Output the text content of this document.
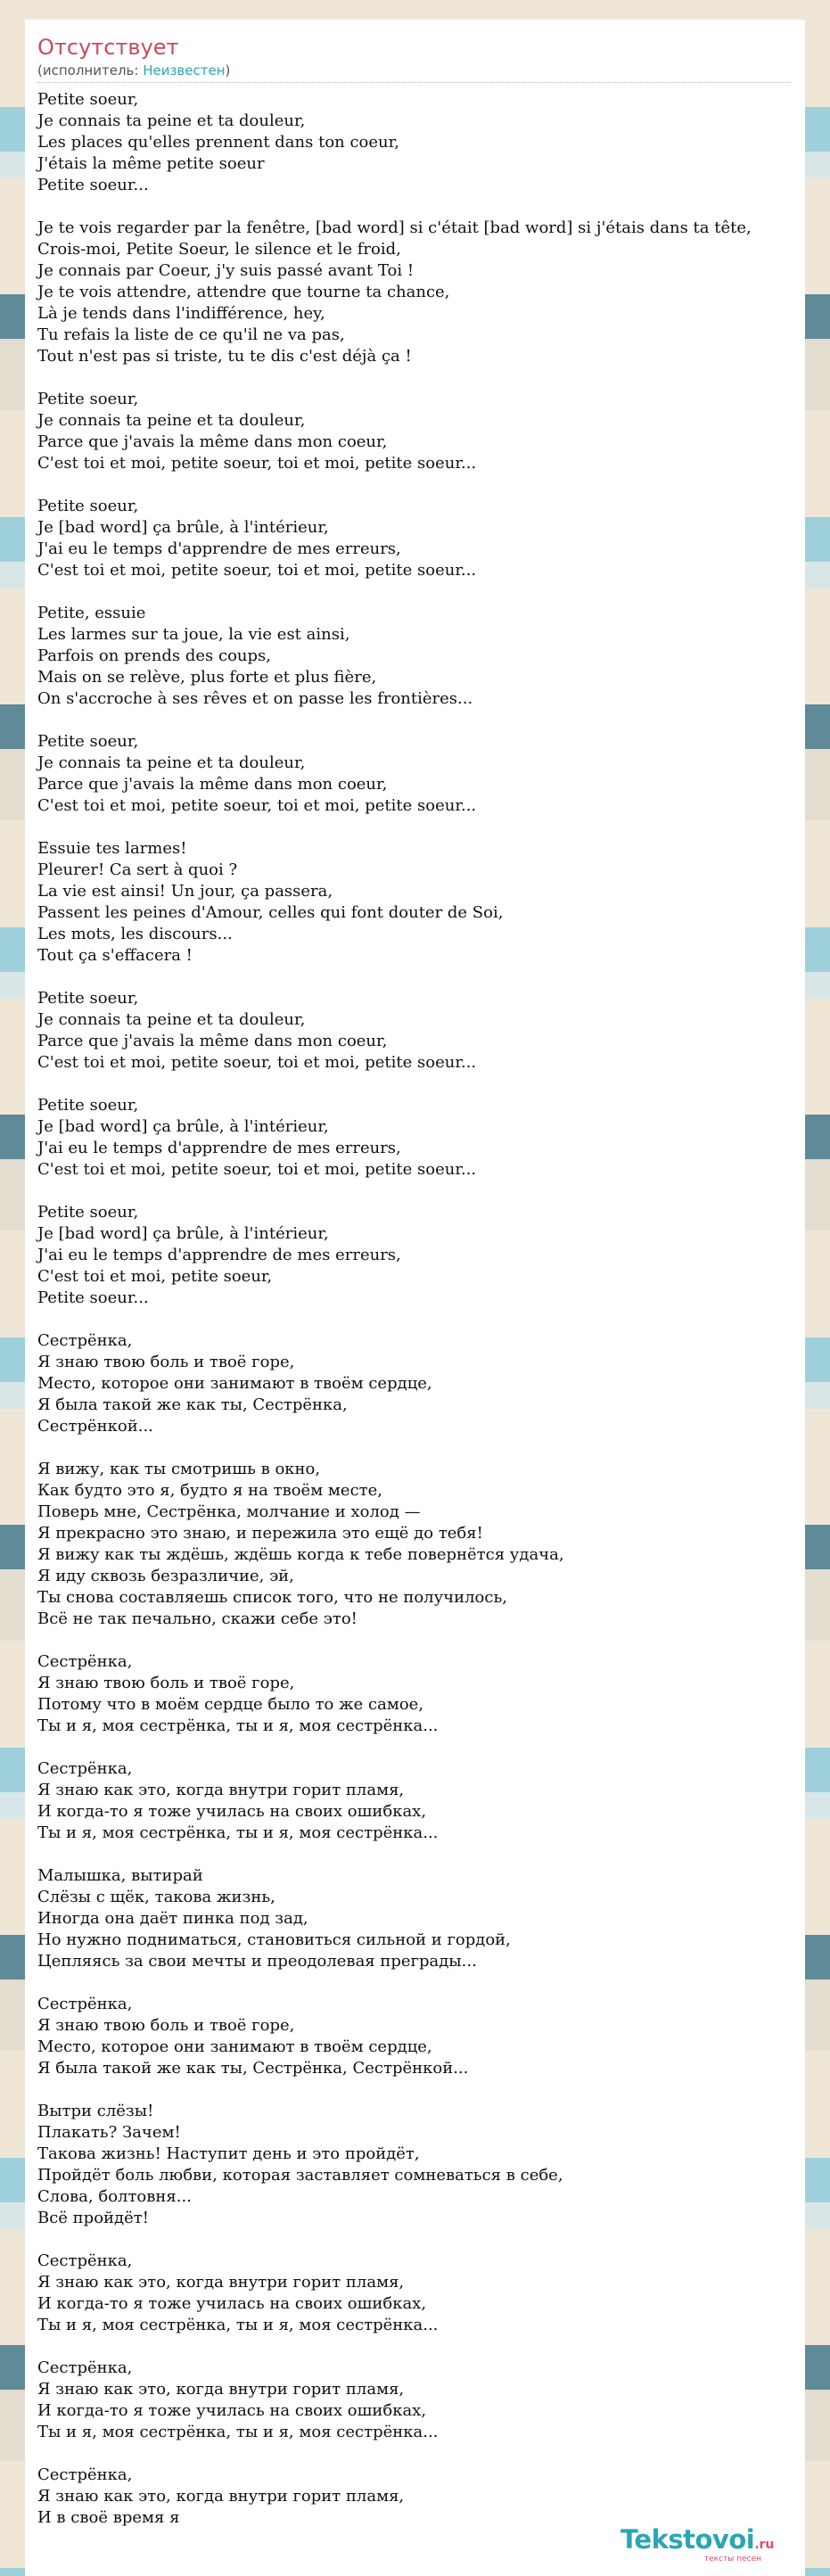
Отсутствует
(исполнитель: Неизвестен)
Petite soeur,
Je connais ta peine et ta douleur,
Les places qu'elles prennent dans ton coeur,
J'étais la même petite soeur
Petite soeur...

Je te vois regarder par la fenêtre, [bad word] si c'était [bad word] si j'étais dans ta tête,
Crois-moi, Petite Soeur, le silence et le froid,
Je connais par Coeur, j'y suis passé avant Toi !
Je te vois attendre, attendre que tourne ta chance,
Là je tends dans l'indifférence, hey,
Tu refais la liste de ce qu'il ne va pas,
Tout n'est pas si triste, tu te dis c'est déjà ça !

Petite soeur,
Je connais ta peine et ta douleur,
Parce que j'avais la même dans mon coeur,
C'est toi et moi, petite soeur, toi et moi, petite soeur...

Petite soeur,
Je [bad word] ça brûle, à l'intérieur,
J'ai eu le temps d'apprendre de mes erreurs,
C'est toi et moi, petite soeur, toi et moi, petite soeur...

Petite, essuie
Les larmes sur ta joue, la vie est ainsi,
Parfois on prends des coups,
Mais on se relève, plus forte et plus fière,
On s'accroche à ses rêves et on passe les frontières...

Petite soeur,
Je connais ta peine et ta douleur,
Parce que j'avais la même dans mon coeur,
C'est toi et moi, petite soeur, toi et moi, petite soeur...

Essuie tes larmes!
Pleurer! Ca sert à quoi ?
La vie est ainsi! Un jour, ça passera,
Passent les peines d'Amour, celles qui font douter de Soi,
Les mots, les discours...
Tout ça s'effacera !

Petite soeur,
Je connais ta peine et ta douleur,
Parce que j'avais la même dans mon coeur,
C'est toi et moi, petite soeur, toi et moi, petite soeur...

Petite soeur,
Je [bad word] ça brûle, à l'intérieur,
J'ai eu le temps d'apprendre de mes erreurs,
C'est toi et moi, petite soeur, toi et moi, petite soeur...

Petite soeur,
Je [bad word] ça brûle, à l'intérieur,
J'ai eu le temps d'apprendre de mes erreurs,
C'est toi et moi, petite soeur,
Petite soeur...

Сестрёнка,
Я знаю твою боль и твоё горе,
Место, которое они занимают в твоём сердце,
Я была такой же как ты, Сестрёнка,
Сестрёнкой...

Я вижу, как ты смотришь в окно,
Как будто это я, будто я на твоём месте,
Поверь мне, Сестрёнка, молчание и холод —
Я прекрасно это знаю, и пережила это ещё до тебя!
Я вижу как ты ждёшь, ждёшь когда к тебе повернётся удача,
Я иду сквозь безразличие, эй,
Ты снова составляешь список того, что не получилось,
Всё не так печально, скажи себе это!

Сестрёнка,
Я знаю твою боль и твоё горе,
Потому что в моём сердце было то же самое,
Ты и я, моя сестрёнка, ты и я, моя сестрёнка...

Сестрёнка,
Я знаю как это, когда внутри горит пламя,
И когда-то я тоже училась на своих ошибках,
Ты и я, моя сестрёнка, ты и я, моя сестрёнка...

Малышка, вытирай
Слёзы с щёк, такова жизнь,
Иногда она даёт пинка под зад,
Но нужно подниматься, становиться сильной и гордой,
Цепляясь за свои мечты и преодолевая преграды...

Сестрёнка,
Я знаю твою боль и твоё горе,
Место, которое они занимают в твоём сердце,
Я была такой же как ты, Сестрёнка, Сестрёнкой...

Вытри слёзы!
Плакать? Зачем!
Такова жизнь! Наступит день и это пройдёт,
Пройдёт боль любви, которая заставляет сомневаться в себе,
Слова, болтовня...
Всё пройдёт!

Сестрёнка,
Я знаю как это, когда внутри горит пламя,
И когда-то я тоже училась на своих ошибках,
Ты и я, моя сестрёнка, ты и я, моя сестрёнка...

Сестрёнка,
Я знаю как это, когда внутри горит пламя,
И когда-то я тоже училась на своих ошибках,
Ты и я, моя сестрёнка, ты и я, моя сестрёнка...

Сестрёнка,
Я знаю как это, когда внутри горит пламя,
И в своё время я
Tekstovoi.ru
тексты песен
